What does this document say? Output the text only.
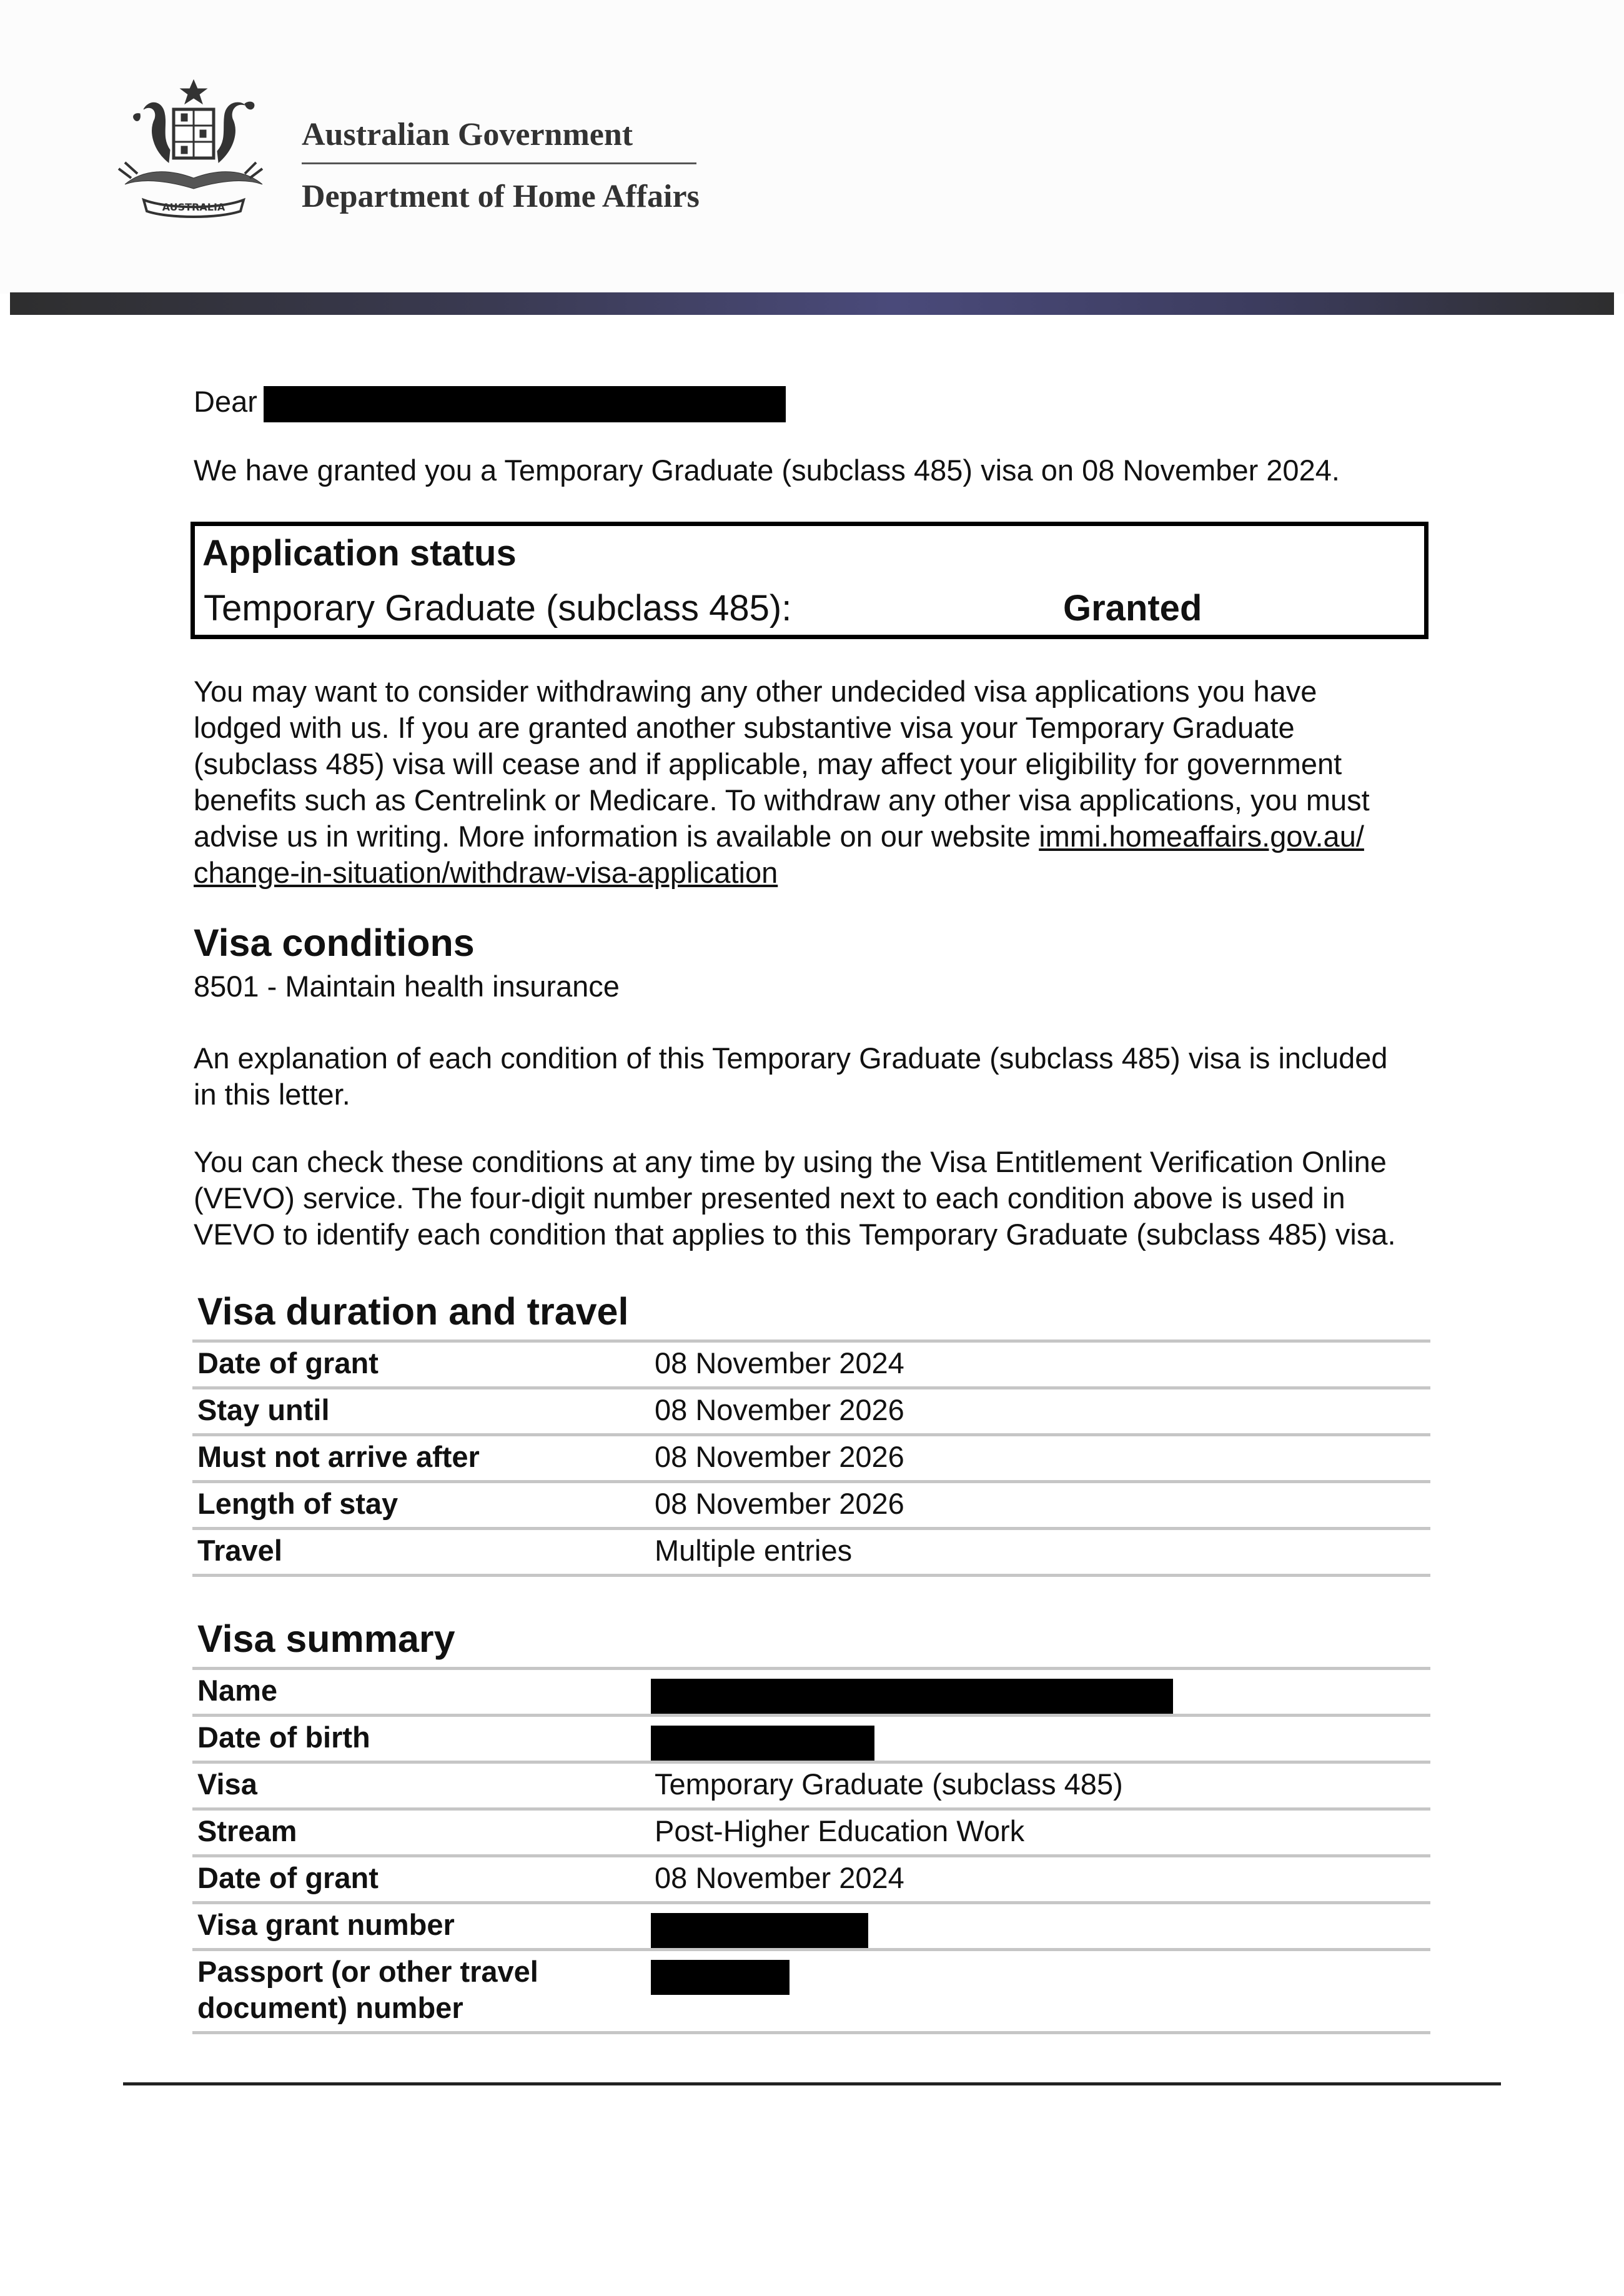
AUSTRALIA
Australian Government
Department of Home Affairs
Dear
We have granted you a Temporary Graduate (subclass 485) visa on 08 November 2024.
Application status
Temporary Graduate (subclass 485):	Granted

You may want to consider withdrawing any other undecided visa applications you have

lodged with us. If you are granted another substantive visa your Temporary Graduate

(subclass 485) visa will cease and if applicable, may affect your eligibility for government

benefits such as Centrelink or Medicare. To withdraw any other visa applications, you must

advise us in writing. More information is available on our website immi.homeaffairs.gov.au/

change-in-situation/withdraw-visa-application

Visa conditions
8501 - Maintain health insurance

An explanation of each condition of this Temporary Graduate (subclass 485) visa is included

in this letter.

You can check these conditions at any time by using the Visa Entitlement Verification Online

(VEVO) service. The four-digit number presented next to each condition above is used in

VEVO to identify each condition that applies to this Temporary Graduate (subclass 485) visa.

Visa duration and travel
Date of grant	08 November 2024
Stay until	08 November 2026
Must not arrive after	08 November 2026
Length of stay	08 November 2026
Travel	Multiple entries
Visa summary
Name
Date of birth
Visa	Temporary Graduate (subclass 485)
Stream	Post-Higher Education Work
Date of grant	08 November 2024
Visa grant number
Passport (or other travel
document) number
